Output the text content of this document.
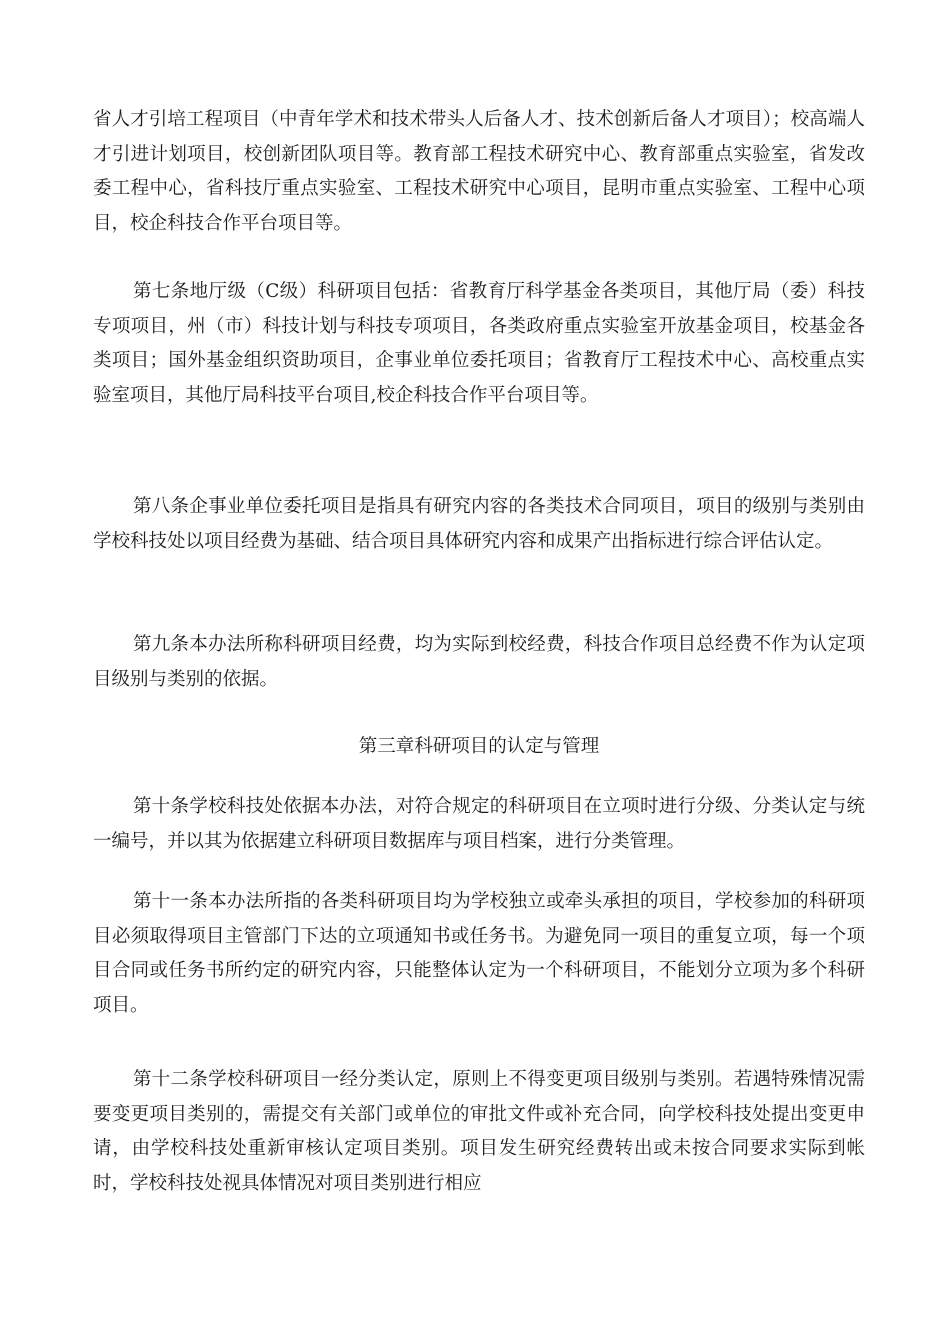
省人才引培工程项目（中青年学术和技术带头人后备人才、技术创新后备人才项目）；校高端人才引进计划项目，校创新团队项目等。教育部工程技术研究中心、教育部重点实验室，省发改委工程中心，省科技厅重点实验室、工程技术研究中心项目，昆明市重点实验室、工程中心项目，校企科技合作平台项目等。

第七条地厅级（C级）科研项目包括：省教育厅科学基金各类项目，其他厅局（委）科技专项项目，州（市）科技计划与科技专项项目，各类政府重点实验室开放基金项目，校基金各类项目；国外基金组织资助项目，企事业单位委托项目；省教育厅工程技术中心、高校重点实验室项目，其他厅局科技平台项目,校企科技合作平台项目等。

第八条企事业单位委托项目是指具有研究内容的各类技术合同项目，项目的级别与类别由学校科技处以项目经费为基础、结合项目具体研究内容和成果产出指标进行综合评估认定。

第九条本办法所称科研项目经费，均为实际到校经费，科技合作项目总经费不作为认定项目级别与类别的依据。

第三章科研项目的认定与管理

第十条学校科技处依据本办法，对符合规定的科研项目在立项时进行分级、分类认定与统一编号，并以其为依据建立科研项目数据库与项目档案，进行分类管理。

第十一条本办法所指的各类科研项目均为学校独立或牵头承担的项目，学校参加的科研项目必须取得项目主管部门下达的立项通知书或任务书。为避免同一项目的重复立项，每一个项目合同或任务书所约定的研究内容，只能整体认定为一个科研项目，不能划分立项为多个科研项目。

第十二条学校科研项目一经分类认定，原则上不得变更项目级别与类别。若遇特殊情况需要变更项目类别的，需提交有关部门或单位的审批文件或补充合同，向学校科技处提出变更申请，由学校科技处重新审核认定项目类别。项目发生研究经费转出或未按合同要求实际到帐时，学校科技处视具体情况对项目类别进行相应
